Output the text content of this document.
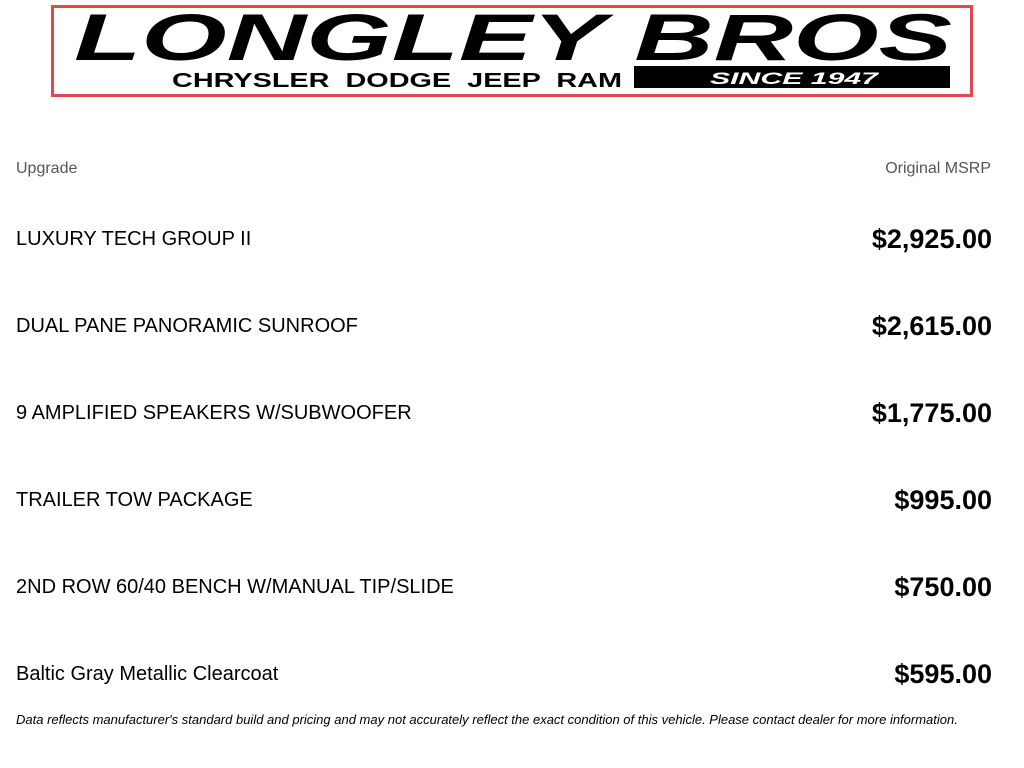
LONGLEY BROS
CHRYSLER  DODGE  JEEP  RAM	SINCE 1947
Upgrade	Original MSRP
LUXURY TECH GROUP II	$2,925.00
DUAL PANE PANORAMIC SUNROOF	$2,615.00
9 AMPLIFIED SPEAKERS W/SUBWOOFER	$1,775.00
TRAILER TOW PACKAGE	$995.00
2ND ROW 60/40 BENCH W/MANUAL TIP/SLIDE	$750.00
Baltic Gray Metallic Clearcoat	$595.00
Data reflects manufacturer's standard build and pricing and may not accurately reflect the exact condition of this vehicle. Please contact dealer for more information.
